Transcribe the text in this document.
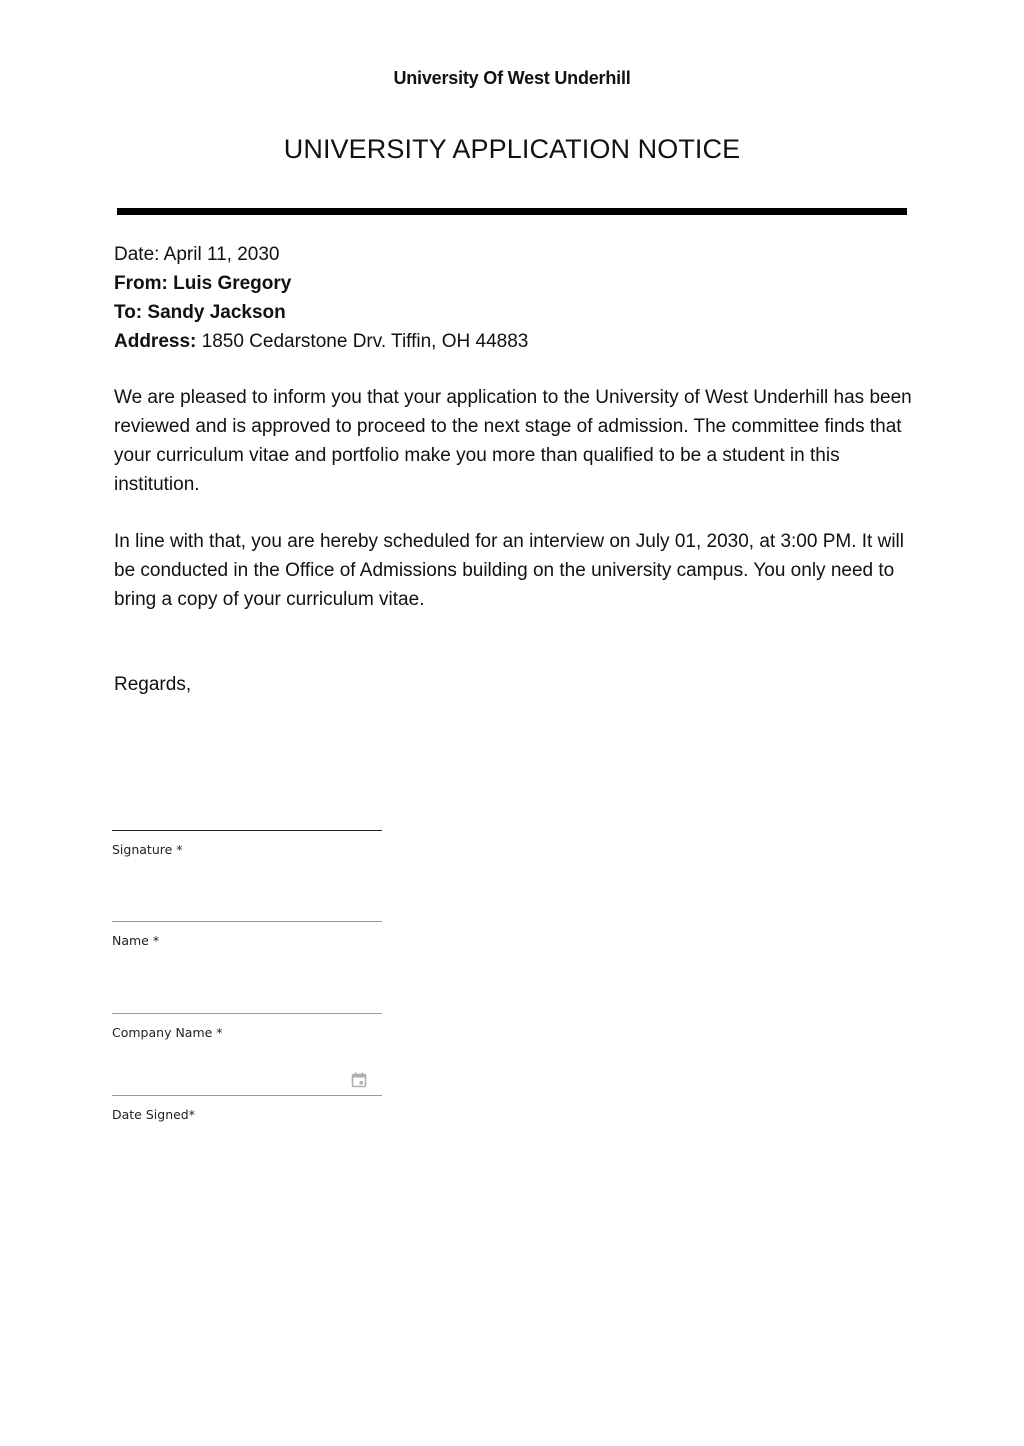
University Of West Underhill
UNIVERSITY APPLICATION NOTICE
Date: April 11, 2030
From: Luis Gregory
To: Sandy Jackson
Address: 1850 Cedarstone Drv. Tiffin, OH 44883

We are pleased to inform you that your application to the University of West Underhill has been reviewed and is approved to proceed to the next stage of admission. The committee finds that your curriculum vitae and portfolio make you more than qualified to be a student in this institution.

In line with that, you are hereby scheduled for an interview on July 01, 2030, at 3:00 PM. It will be conducted in the Office of Admissions building on the university campus. You only need to bring a copy of your curriculum vitae.

Regards,
Signature *
Name *
Company Name *
Date Signed*
